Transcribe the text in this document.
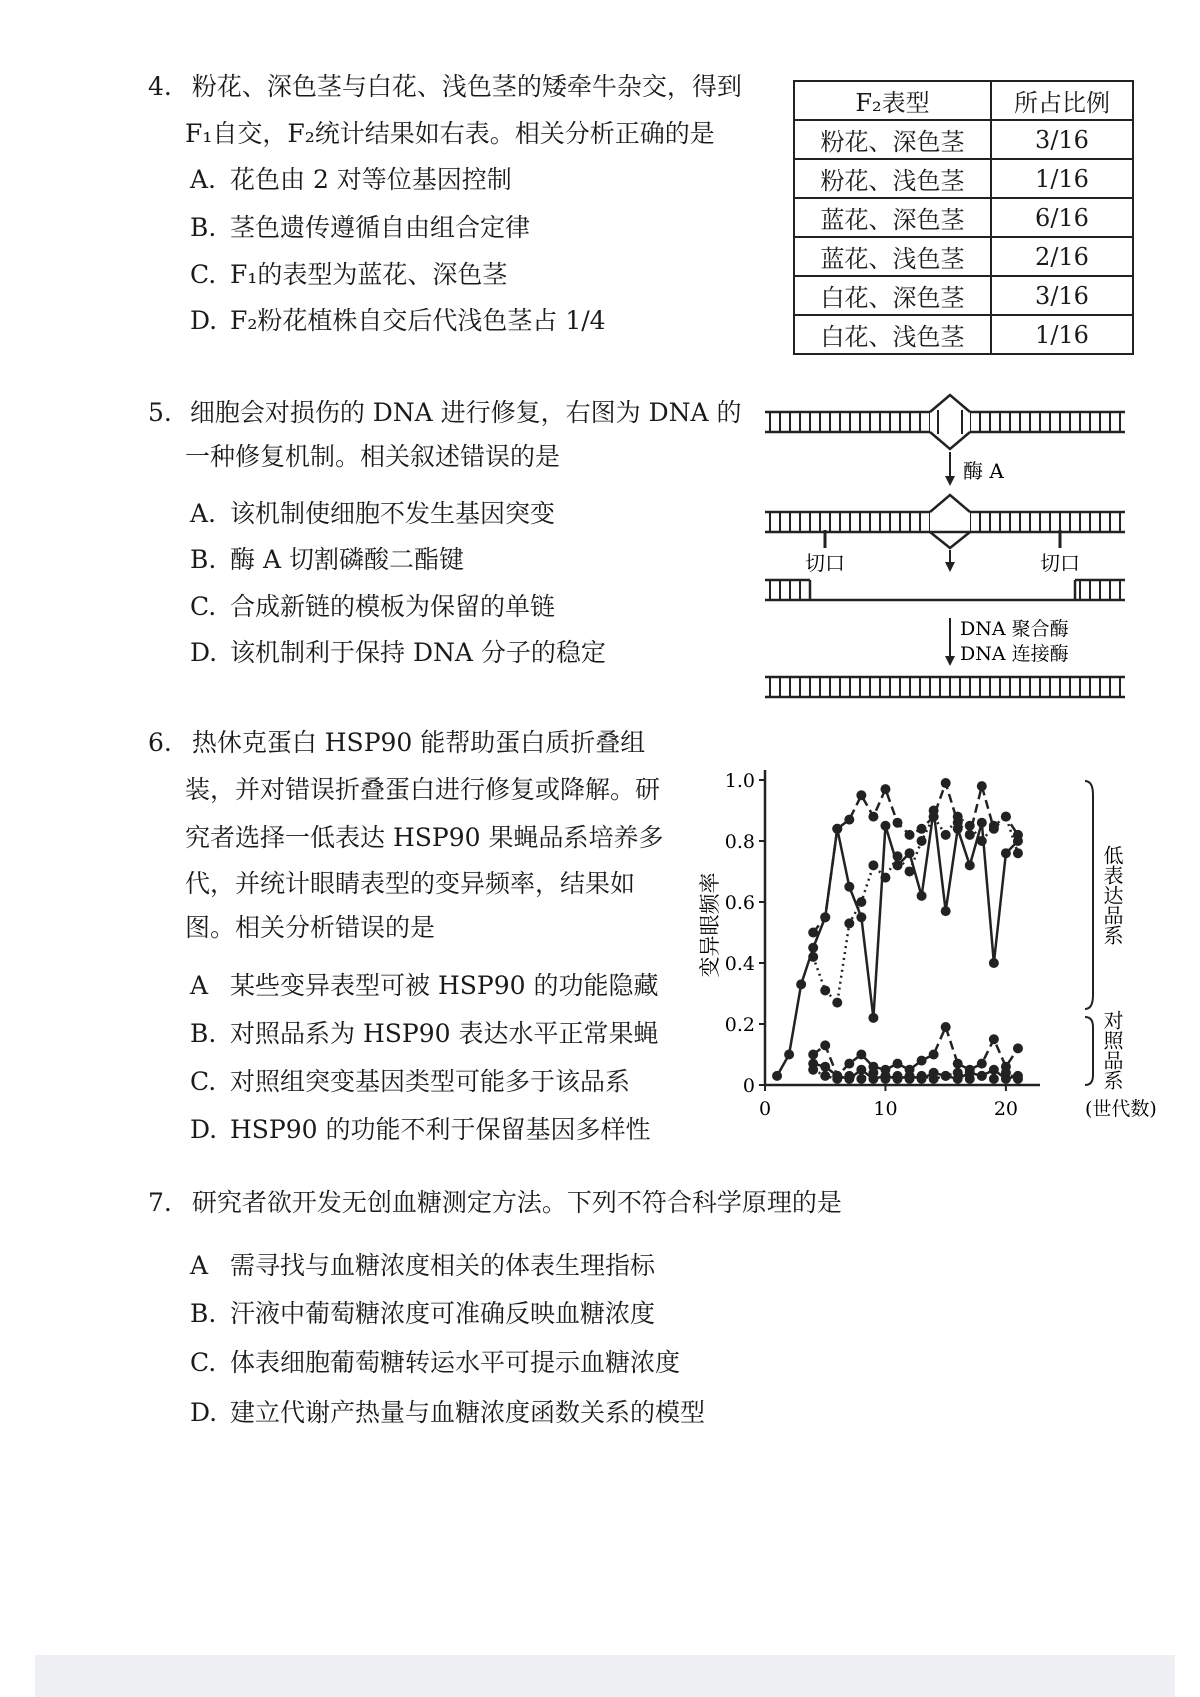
4. 粉花、深色茎与白花、浅色茎的矮牵牛杂交，得到
F₁自交，F₂统计结果如右表。相关分析正确的是
A. 花色由 2 对等位基因控制
B. 茎色遗传遵循自由组合定律
C. F₁的表型为蓝花、深色茎
D. F₂粉花植株自交后代浅色茎占 1/4
F₂表型	所占比例
粉花、深色茎	3/16
粉花、浅色茎	1/16
蓝花、深色茎	6/16
蓝花、浅色茎	2/16
白花、深色茎	3/16
白花、浅色茎	1/16
5. 细胞会对损伤的 DNA 进行修复，右图为 DNA 的
一种修复机制。相关叙述错误的是
A. 该机制使细胞不发生基因突变
B. 酶 A 切割磷酸二酯键
C. 合成新链的模板为保留的单链
D. 该机制利于保持 DNA 分子的稳定
酶 A
切口	切口
DNA 聚合酶
DNA 连接酶
6. 热休克蛋白 HSP90 能帮助蛋白质折叠组
装，并对错误折叠蛋白进行修复或降解。研
究者选择一低表达 HSP90 果蝇品系培养多
代，并统计眼睛表型的变异频率，结果如
图。相关分析错误的是
A 某些变异表型可被 HSP90 的功能隐藏
B. 对照品系为 HSP90 表达水平正常果蝇
C. 对照组突变基因类型可能多于该品系
D. HSP90 的功能不利于保留基因多样性
0
0.2
0.4
0.6
0.8
1.0
0	10	20
变异眼频率
(世代数)
低表达品系
对照品系
7. 研究者欲开发无创血糖测定方法。下列不符合科学原理的是
A 需寻找与血糖浓度相关的体表生理指标
B. 汗液中葡萄糖浓度可准确反映血糖浓度
C. 体表细胞葡萄糖转运水平可提示血糖浓度
D. 建立代谢产热量与血糖浓度函数关系的模型
